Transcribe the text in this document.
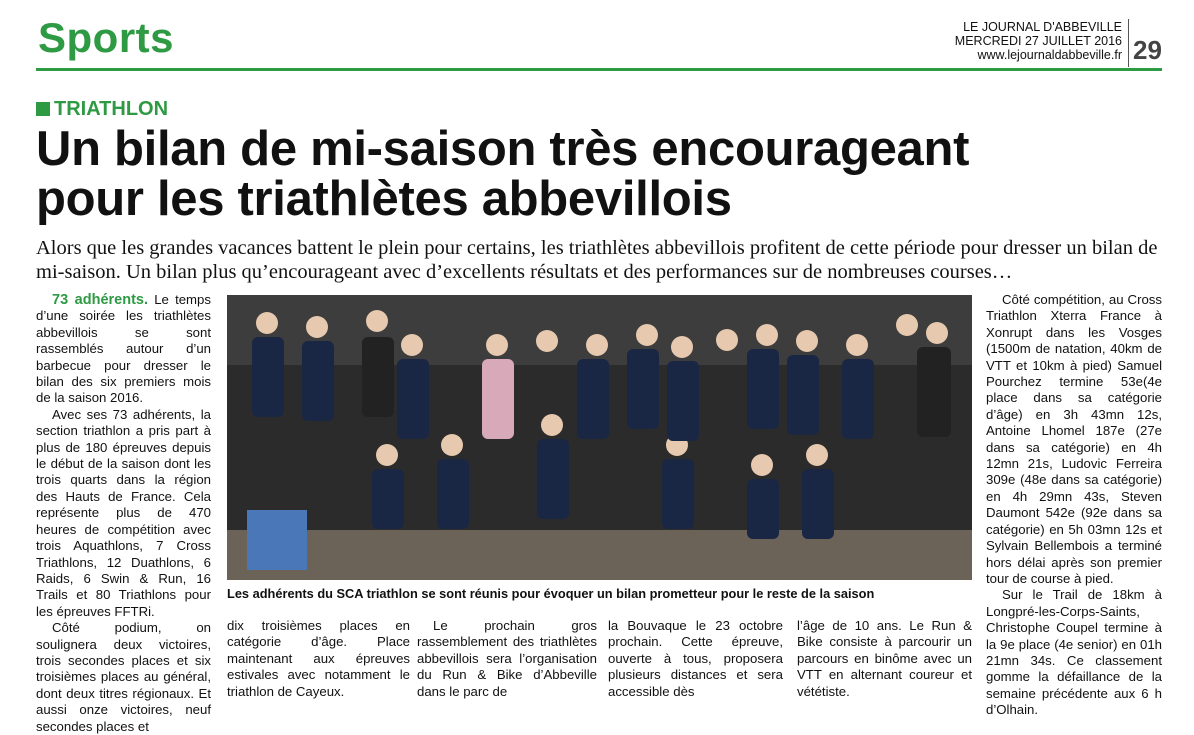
Sports	LE JOURNAL D'ABBEVILLE
MERCREDI 27 JUILLET 2016
www.lejournaldabbeville.fr 29
TRIATHLON
Un bilan de mi-saison très encourageant
pour les triathlètes abbevillois
Alors que les grandes vacances battent le plein pour certains, les triathlètes abbevillois profitent de cette période pour dresser un bilan de mi-saison. Un bilan plus qu’encourageant avec d’excellents résultats et des performances sur de nombreuses courses…

73 adhérents. Le temps d’une soirée les triathlètes abbevillois se sont rassemblés autour d’un barbecue pour dresser le bilan des six premiers mois de la saison 2016.

Avec ses 73 adhérents, la section triathlon a pris part à plus de 180 épreuves depuis le début de la saison dont les trois quarts dans la région des Hauts de France. Cela représente plus de 470 heures de compétition avec trois Aquathlons, 7 Cross Triathlons, 12 Duathlons, 6 Raids, 6 Swin & Run, 16 Trails et 80 Triathlons pour les épreuves FFTRi.

Côté podium, on soulignera deux victoires, trois secondes places et six troisièmes places au général, dont deux titres régionaux. Et aussi onze victoires, neuf secondes places et

Les adhérents du SCA triathlon se sont réunis pour évoquer un bilan prometteur pour le reste de la saison

dix troisièmes places en catégorie d’âge. Place maintenant aux épreuves estivales avec notamment le triathlon de Cayeux.

Le prochain gros rassemblement des triathlètes abbevillois sera l’organisation du Run & Bike d’Abbeville dans le parc de

la Bouvaque le 23 octobre prochain. Cette épreuve, ouverte à tous, proposera plusieurs distances et sera accessible dès

l’âge de 10 ans. Le Run & Bike consiste à parcourir un parcours en binôme avec un VTT en alternant coureur et vététiste.

Côté compétition, au Cross Triathlon Xterra France à Xonrupt dans les Vosges (1500m de natation, 40km de VTT et 10km à pied) Samuel Pourchez termine 53e(4e place dans sa catégorie d’âge) en 3h 43mn 12s, Antoine Lhomel 187e (27e dans sa catégorie) en 4h 12mn 21s, Ludovic Ferreira 309e (48e dans sa catégorie) en 4h 29mn 43s, Steven Daumont 542e (92e dans sa catégorie) en 5h 03mn 12s et Sylvain Bellembois a terminé hors délai après son premier tour de course à pied.

Sur le Trail de 18km à Longpré-les-Corps-Saints, Christophe Coupel termine à la 9e place (4e senior) en 01h 21mn 34s. Ce classement gomme la défaillance de la semaine précédente aux 6 h d’Olhain.
